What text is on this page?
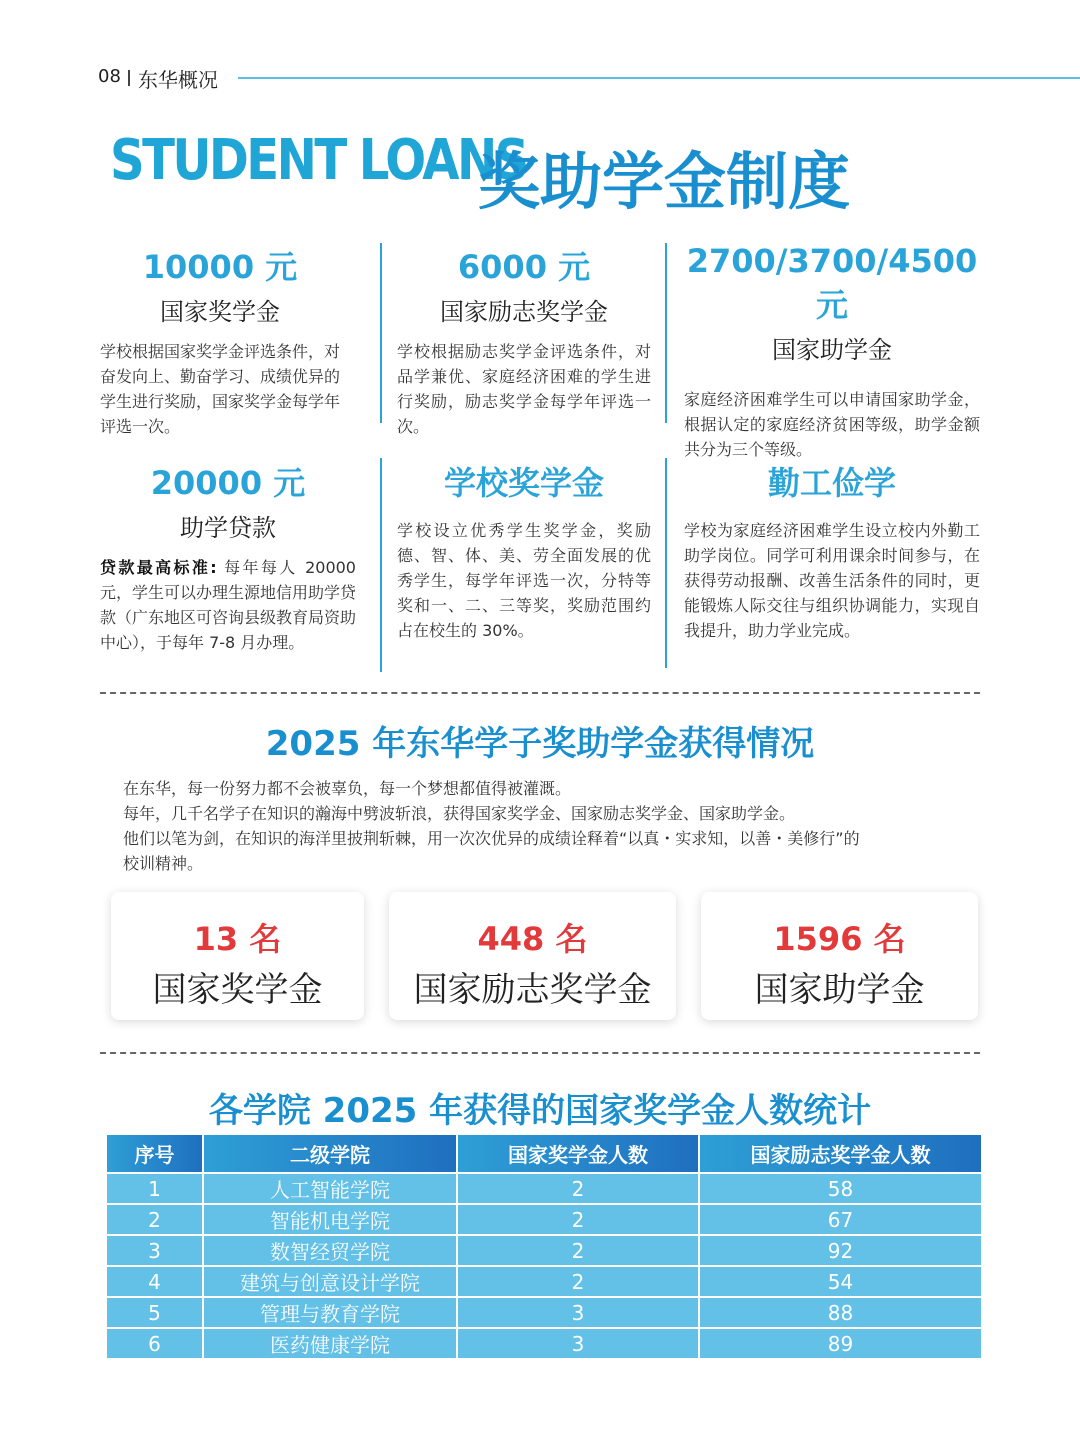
08 东华概况
STUDENT LOANS
奖助学金制度
10000 元
国家奖学金

学校根据国家奖学金评选条件，对奋发向上、勤奋学习、成绩优异的学生进行奖励，国家奖学金每学年评选一次。

6000 元
国家励志奖学金

学校根据励志奖学金评选条件，对品学兼优、家庭经济困难的学生进行奖励，励志奖学金每学年评选一次。

2700/3700/4500 元
国家助学金

家庭经济困难学生可以申请国家助学金，根据认定的家庭经济贫困等级，助学金额共分为三个等级。

20000 元
助学贷款

贷款最高标准: 每年每人 20000 元，学生可以办理生源地信用助学贷款（广东地区可咨询县级教育局资助中心），于每年 7-8 月办理。

学校奖学金

学校设立优秀学生奖学金，奖励德、智、体、美、劳全面发展的优秀学生，每学年评选一次，分特等奖和一、二、三等奖，奖励范围约占在校生的 30%。

勤工俭学

学校为家庭经济困难学生设立校内外勤工助学岗位。同学可利用课余时间参与，在获得劳动报酬、改善生活条件的同时，更能锻炼人际交往与组织协调能力，实现自我提升，助力学业完成。

2025 年东华学子奖助学金获得情况

在东华，每一份努力都不会被辜负，每一个梦想都值得被灌溉。

每年，几千名学子在知识的瀚海中劈波斩浪，获得国家奖学金、国家励志奖学金、国家助学金。

他们以笔为剑，在知识的海洋里披荆斩棘，用一次次优异的成绩诠释着“以真・实求知，以善・美修行”的

校训精神。

13 名
国家奖学金
448 名
国家励志奖学金
1596 名
国家助学金
各学院 2025 年获得的国家奖学金人数统计
序号	二级学院	国家奖学金人数	国家励志奖学金人数
1	人工智能学院	2	58
2	智能机电学院	2	67
3	数智经贸学院	2	92
4	建筑与创意设计学院	2	54
5	管理与教育学院	3	88
6	医药健康学院	3	89
